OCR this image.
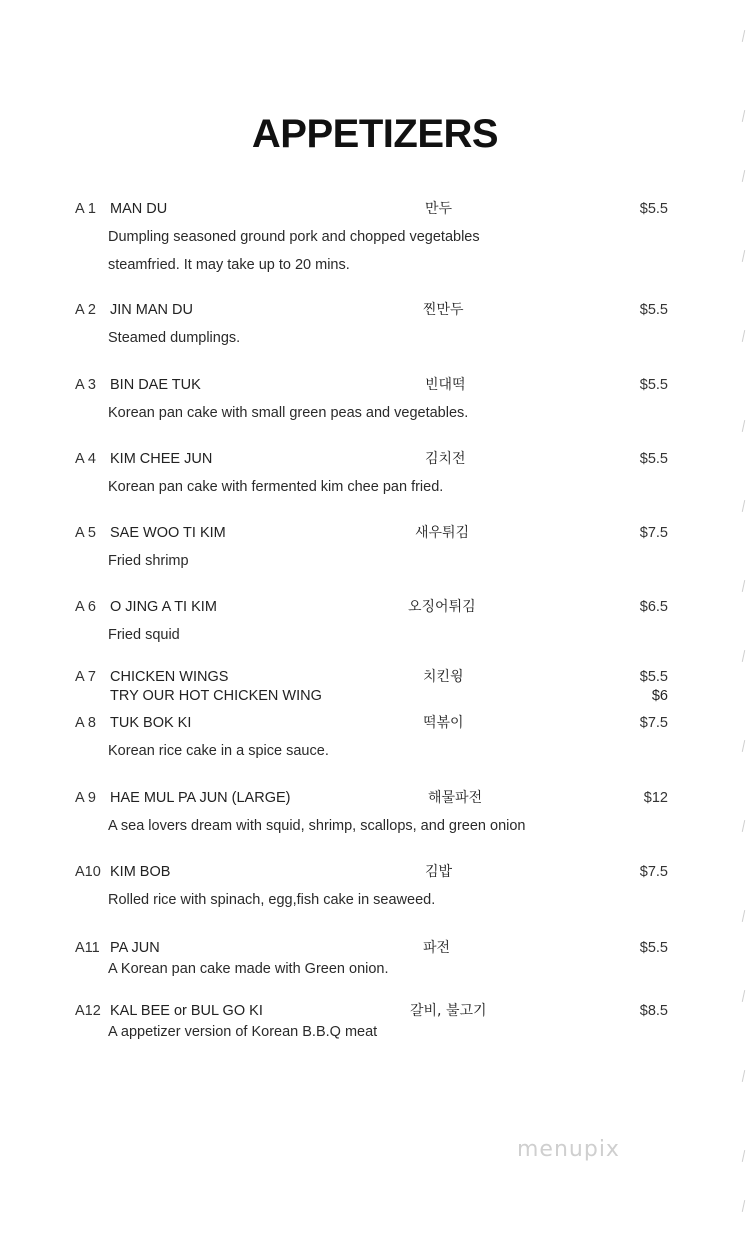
APPETIZERS
A 1 MAN DU	만두	$5.5
Dumpling seasoned ground pork and chopped vegetables steamfried. It may take up to 20 mins.
A 2 JIN MAN DU	찐만두	$5.5
Steamed dumplings.
A 3 BIN DAE TUK	빈대떡	$5.5
Korean pan cake with small green peas and vegetables.
A 4 KIM CHEE JUN	김치전	$5.5
Korean pan cake with fermented kim chee pan fried.
A 5 SAE WOO TI KIM	새우튀김	$7.5
Fried shrimp
A 6 O JING A TI KIM	오징어튀김	$6.5
Fried squid
A 7 CHICKEN WINGS	치킨윙	$5.5
TRY OUR HOT CHICKEN WING	$6
A 8 TUK BOK KI	떡볶이	$7.5
Korean rice cake in a spice sauce.
A 9 HAE MUL PA JUN (LARGE)	해물파전	$12
A sea lovers dream with squid, shrimp, scallops, and green onion
A10 KIM BOB	김밥	$7.5
Rolled rice with spinach, egg,fish cake in seaweed.
A11 PA JUN	파전	$5.5
A Korean pan cake made with Green onion.
A12 KAL BEE or BUL GO KI	갈비, 불고기	$8.5
A appetizer version of Korean B.B.Q meat
menupix
